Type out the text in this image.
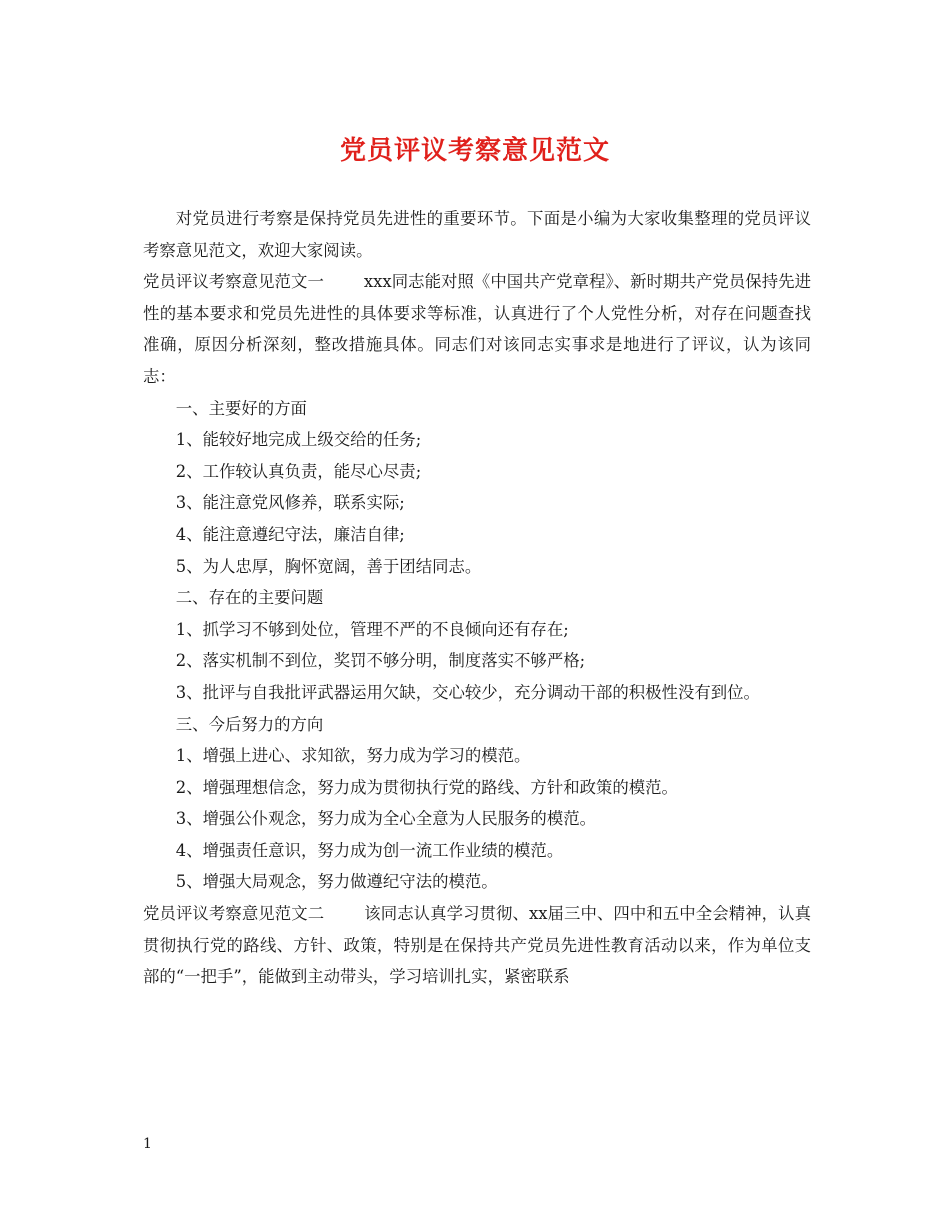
党员评议考察意见范文

对党员进行考察是保持党员先进性的重要环节。下面是小编为大家收集整理的党员评议考察意见范文，欢迎大家阅读。

党员评议考察意见范文一 xxx同志能对照《中国共产党章程》、新时期共产党员保持先进性的基本要求和党员先进性的具体要求等标准，认真进行了个人党性分析，对存在问题查找准确，原因分析深刻，整改措施具体。同志们对该同志实事求是地进行了评议，认为该同志：

一、主要好的方面

1、能较好地完成上级交给的任务;

2、工作较认真负责，能尽心尽责;

3、能注意党风修养，联系实际;

4、能注意遵纪守法，廉洁自律;

5、为人忠厚，胸怀宽阔，善于团结同志。

二、存在的主要问题

1、抓学习不够到处位，管理不严的不良倾向还有存在;

2、落实机制不到位，奖罚不够分明，制度落实不够严格;

3、批评与自我批评武器运用欠缺，交心较少，充分调动干部的积极性没有到位。

三、今后努力的方向

1、增强上进心、求知欲，努力成为学习的模范。

2、增强理想信念，努力成为贯彻执行党的路线、方针和政策的模范。

3、增强公仆观念，努力成为全心全意为人民服务的模范。

4、增强责任意识，努力成为创一流工作业绩的模范。

5、增强大局观念，努力做遵纪守法的模范。

党员评议考察意见范文二 该同志认真学习贯彻、xx届三中、四中和五中全会精神，认真贯彻执行党的路线、方针、政策，特别是在保持共产党员先进性教育活动以来，作为单位支部的“一把手”，能做到主动带头，学习培训扎实，紧密联系

1
